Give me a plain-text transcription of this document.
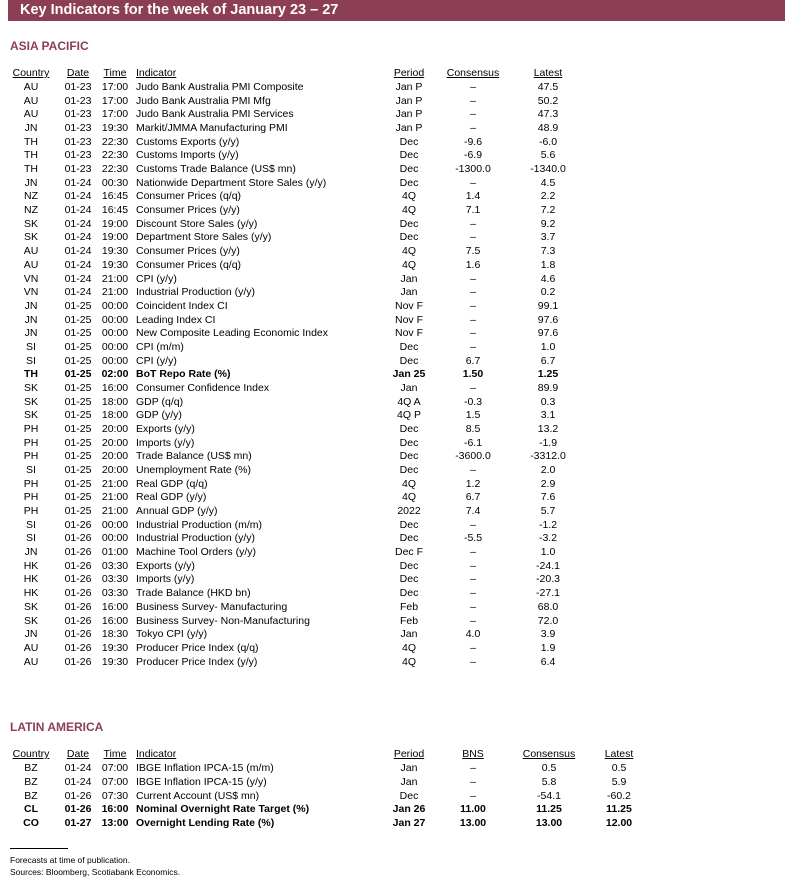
Key Indicators for the week of January 23 – 27
ASIA PACIFIC
Country	Date	Time Indicator	Period	Consensus	Latest
AU	01-23 17:00 Judo Bank Australia PMI Composite	Jan P	–	47.5
AU	01-23 17:00 Judo Bank Australia PMI Mfg	Jan P	–	50.2
AU	01-23 17:00 Judo Bank Australia PMI Services	Jan P	–	47.3
JN	01-23 19:30 Markit/JMMA Manufacturing PMI	Jan P	–	48.9
TH	01-23 22:30 Customs Exports (y/y)	Dec	-9.6	-6.0
TH	01-23 22:30 Customs Imports (y/y)	Dec	-6.9	5.6
TH	01-23 22:30 Customs Trade Balance (US$ mn)	Dec	-1300.0	-1340.0
JN	01-24 00:30 Nationwide Department Store Sales (y/y)	Dec	–	4.5
NZ	01-24 16:45 Consumer Prices (q/q)	4Q	1.4	2.2
NZ	01-24 16:45 Consumer Prices (y/y)	4Q	7.1	7.2
SK	01-24 19:00 Discount Store Sales (y/y)	Dec	–	9.2
SK	01-24 19:00 Department Store Sales (y/y)	Dec	–	3.7
AU	01-24 19:30 Consumer Prices (y/y)	4Q	7.5	7.3
AU	01-24 19:30 Consumer Prices (q/q)	4Q	1.6	1.8
VN	01-24 21:00 CPI (y/y)	Jan	–	4.6
VN	01-24 21:00 Industrial Production (y/y)	Jan	–	0.2
JN	01-25 00:00 Coincident Index CI	Nov F	–	99.1
JN	01-25 00:00 Leading Index CI	Nov F	–	97.6
JN	01-25 00:00 New Composite Leading Economic Index	Nov F	–	97.6
SI	01-25 00:00 CPI (m/m)	Dec	–	1.0
SI	01-25 00:00 CPI (y/y)	Dec	6.7	6.7
TH	01-25 02:00 BoT Repo Rate (%)	Jan 25	1.50	1.25
SK	01-25 16:00 Consumer Confidence Index	Jan	–	89.9
SK	01-25 18:00 GDP (q/q)	4Q A	-0.3	0.3
SK	01-25 18:00 GDP (y/y)	4Q P	1.5	3.1
PH	01-25 20:00 Exports (y/y)	Dec	8.5	13.2
PH	01-25 20:00 Imports (y/y)	Dec	-6.1	-1.9
PH	01-25 20:00 Trade Balance (US$ mn)	Dec	-3600.0	-3312.0
SI	01-25 20:00 Unemployment Rate (%)	Dec	–	2.0
PH	01-25 21:00 Real GDP (q/q)	4Q	1.2	2.9
PH	01-25 21:00 Real GDP (y/y)	4Q	6.7	7.6
PH	01-25 21:00 Annual GDP (y/y)	2022	7.4	5.7
SI	01-26 00:00 Industrial Production (m/m)	Dec	–	-1.2
SI	01-26 00:00 Industrial Production (y/y)	Dec	-5.5	-3.2
JN	01-26 01:00 Machine Tool Orders (y/y)	Dec F	–	1.0
HK	01-26 03:30 Exports (y/y)	Dec	–	-24.1
HK	01-26 03:30 Imports (y/y)	Dec	–	-20.3
HK	01-26 03:30 Trade Balance (HKD bn)	Dec	–	-27.1
SK	01-26 16:00 Business Survey- Manufacturing	Feb	–	68.0
SK	01-26 16:00 Business Survey- Non-Manufacturing	Feb	–	72.0
JN	01-26 18:30 Tokyo CPI (y/y)	Jan	4.0	3.9
AU	01-26 19:30 Producer Price Index (q/q)	4Q	–	1.9
AU	01-26 19:30 Producer Price Index (y/y)	4Q	–	6.4
LATIN AMERICA
Country	Date	Time Indicator	Period	BNS	Consensus	Latest
BZ	01-24 07:00 IBGE Inflation IPCA-15 (m/m)	Jan	–	0.5	0.5
BZ	01-24 07:00 IBGE Inflation IPCA-15 (y/y)	Jan	–	5.8	5.9
BZ	01-26 07:30 Current Account (US$ mn)	Dec	–	-54.1	-60.2
CL	01-26 16:00 Nominal Overnight Rate Target (%)	Jan 26	11.00	11.25	11.25
CO	01-27 13:00 Overnight Lending Rate (%)	Jan 27	13.00	13.00	12.00
Forecasts at time of publication.
Sources: Bloomberg, Scotiabank Economics.
